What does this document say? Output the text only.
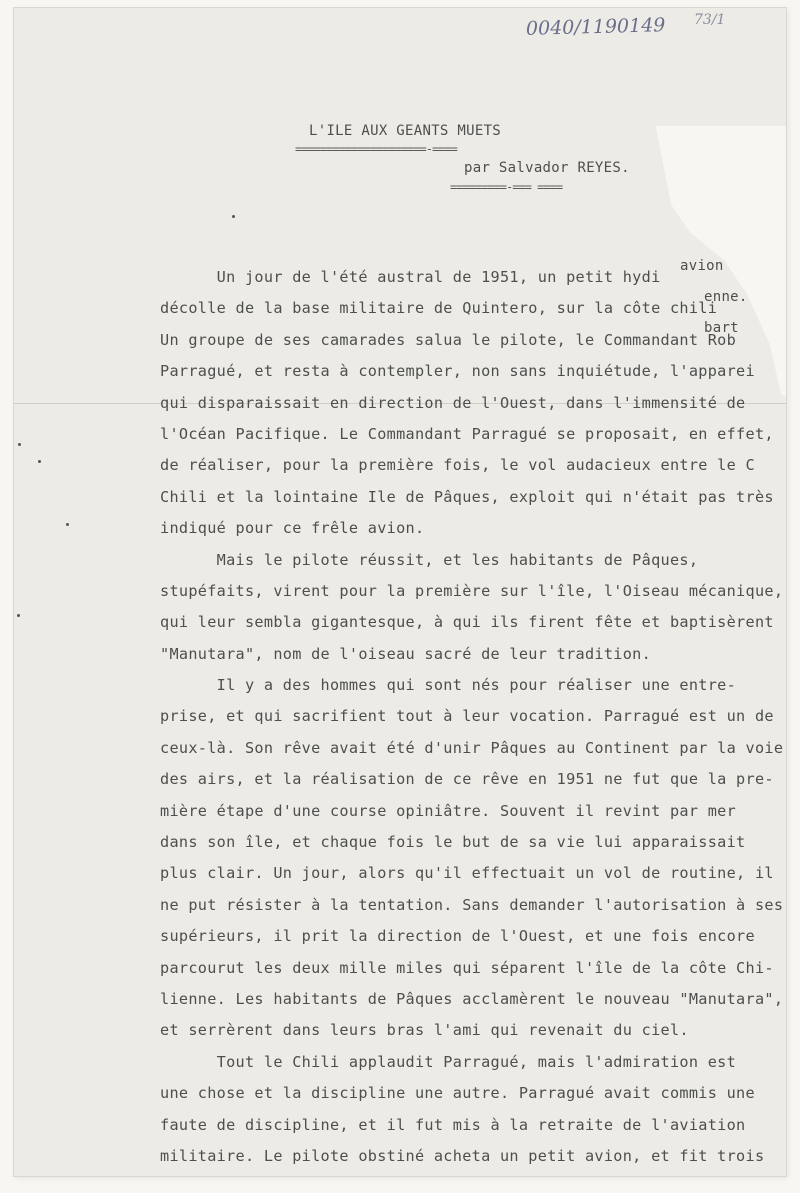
0040/1190149 73/1
L'ILE AUX GEANTS MUETS
=====================-====
par Salvador REYES.
=========-=== ====
avion
enne.
bart
Un jour de l'été austral de 1951, un petit hydi
décolle de la base militaire de Quintero, sur la côte chili
Un groupe de ses camarades salua le pilote, le Commandant Rob
Parragué, et resta à contempler, non sans inquiétude, l'apparei
qui disparaissait en direction de l'Ouest, dans l'immensité de
l'Océan Pacifique. Le Commandant Parragué se proposait, en effet,
de réaliser, pour la première fois, le vol audacieux entre le C
Chili et la lointaine Ile de Pâques, exploit qui n'était pas très
indiqué pour ce frêle avion.
Mais le pilote réussit, et les habitants de Pâques,
stupéfaits, virent pour la première sur l'île, l'Oiseau mécanique,
qui leur sembla gigantesque, à qui ils firent fête et baptisèrent
"Manutara", nom de l'oiseau sacré de leur tradition.
Il y a des hommes qui sont nés pour réaliser une entre-
prise, et qui sacrifient tout à leur vocation. Parragué est un de
ceux-là. Son rêve avait été d'unir Pâques au Continent par la voie
des airs, et la réalisation de ce rêve en 1951 ne fut que la pre-
mière étape d'une course opiniâtre. Souvent il revint par mer
dans son île, et chaque fois le but de sa vie lui apparaissait
plus clair. Un jour, alors qu'il effectuait un vol de routine, il
ne put résister à la tentation. Sans demander l'autorisation à ses
supérieurs, il prit la direction de l'Ouest, et une fois encore
parcourut les deux mille miles qui séparent l'île de la côte Chi-
lienne. Les habitants de Pâques acclamèrent le nouveau "Manutara",
et serrèrent dans leurs bras l'ami qui revenait du ciel.
Tout le Chili applaudit Parragué, mais l'admiration est
une chose et la discipline une autre. Parragué avait commis une
faute de discipline, et il fut mis à la retraite de l'aviation
militaire. Le pilote obstiné acheta un petit avion, et fit trois
